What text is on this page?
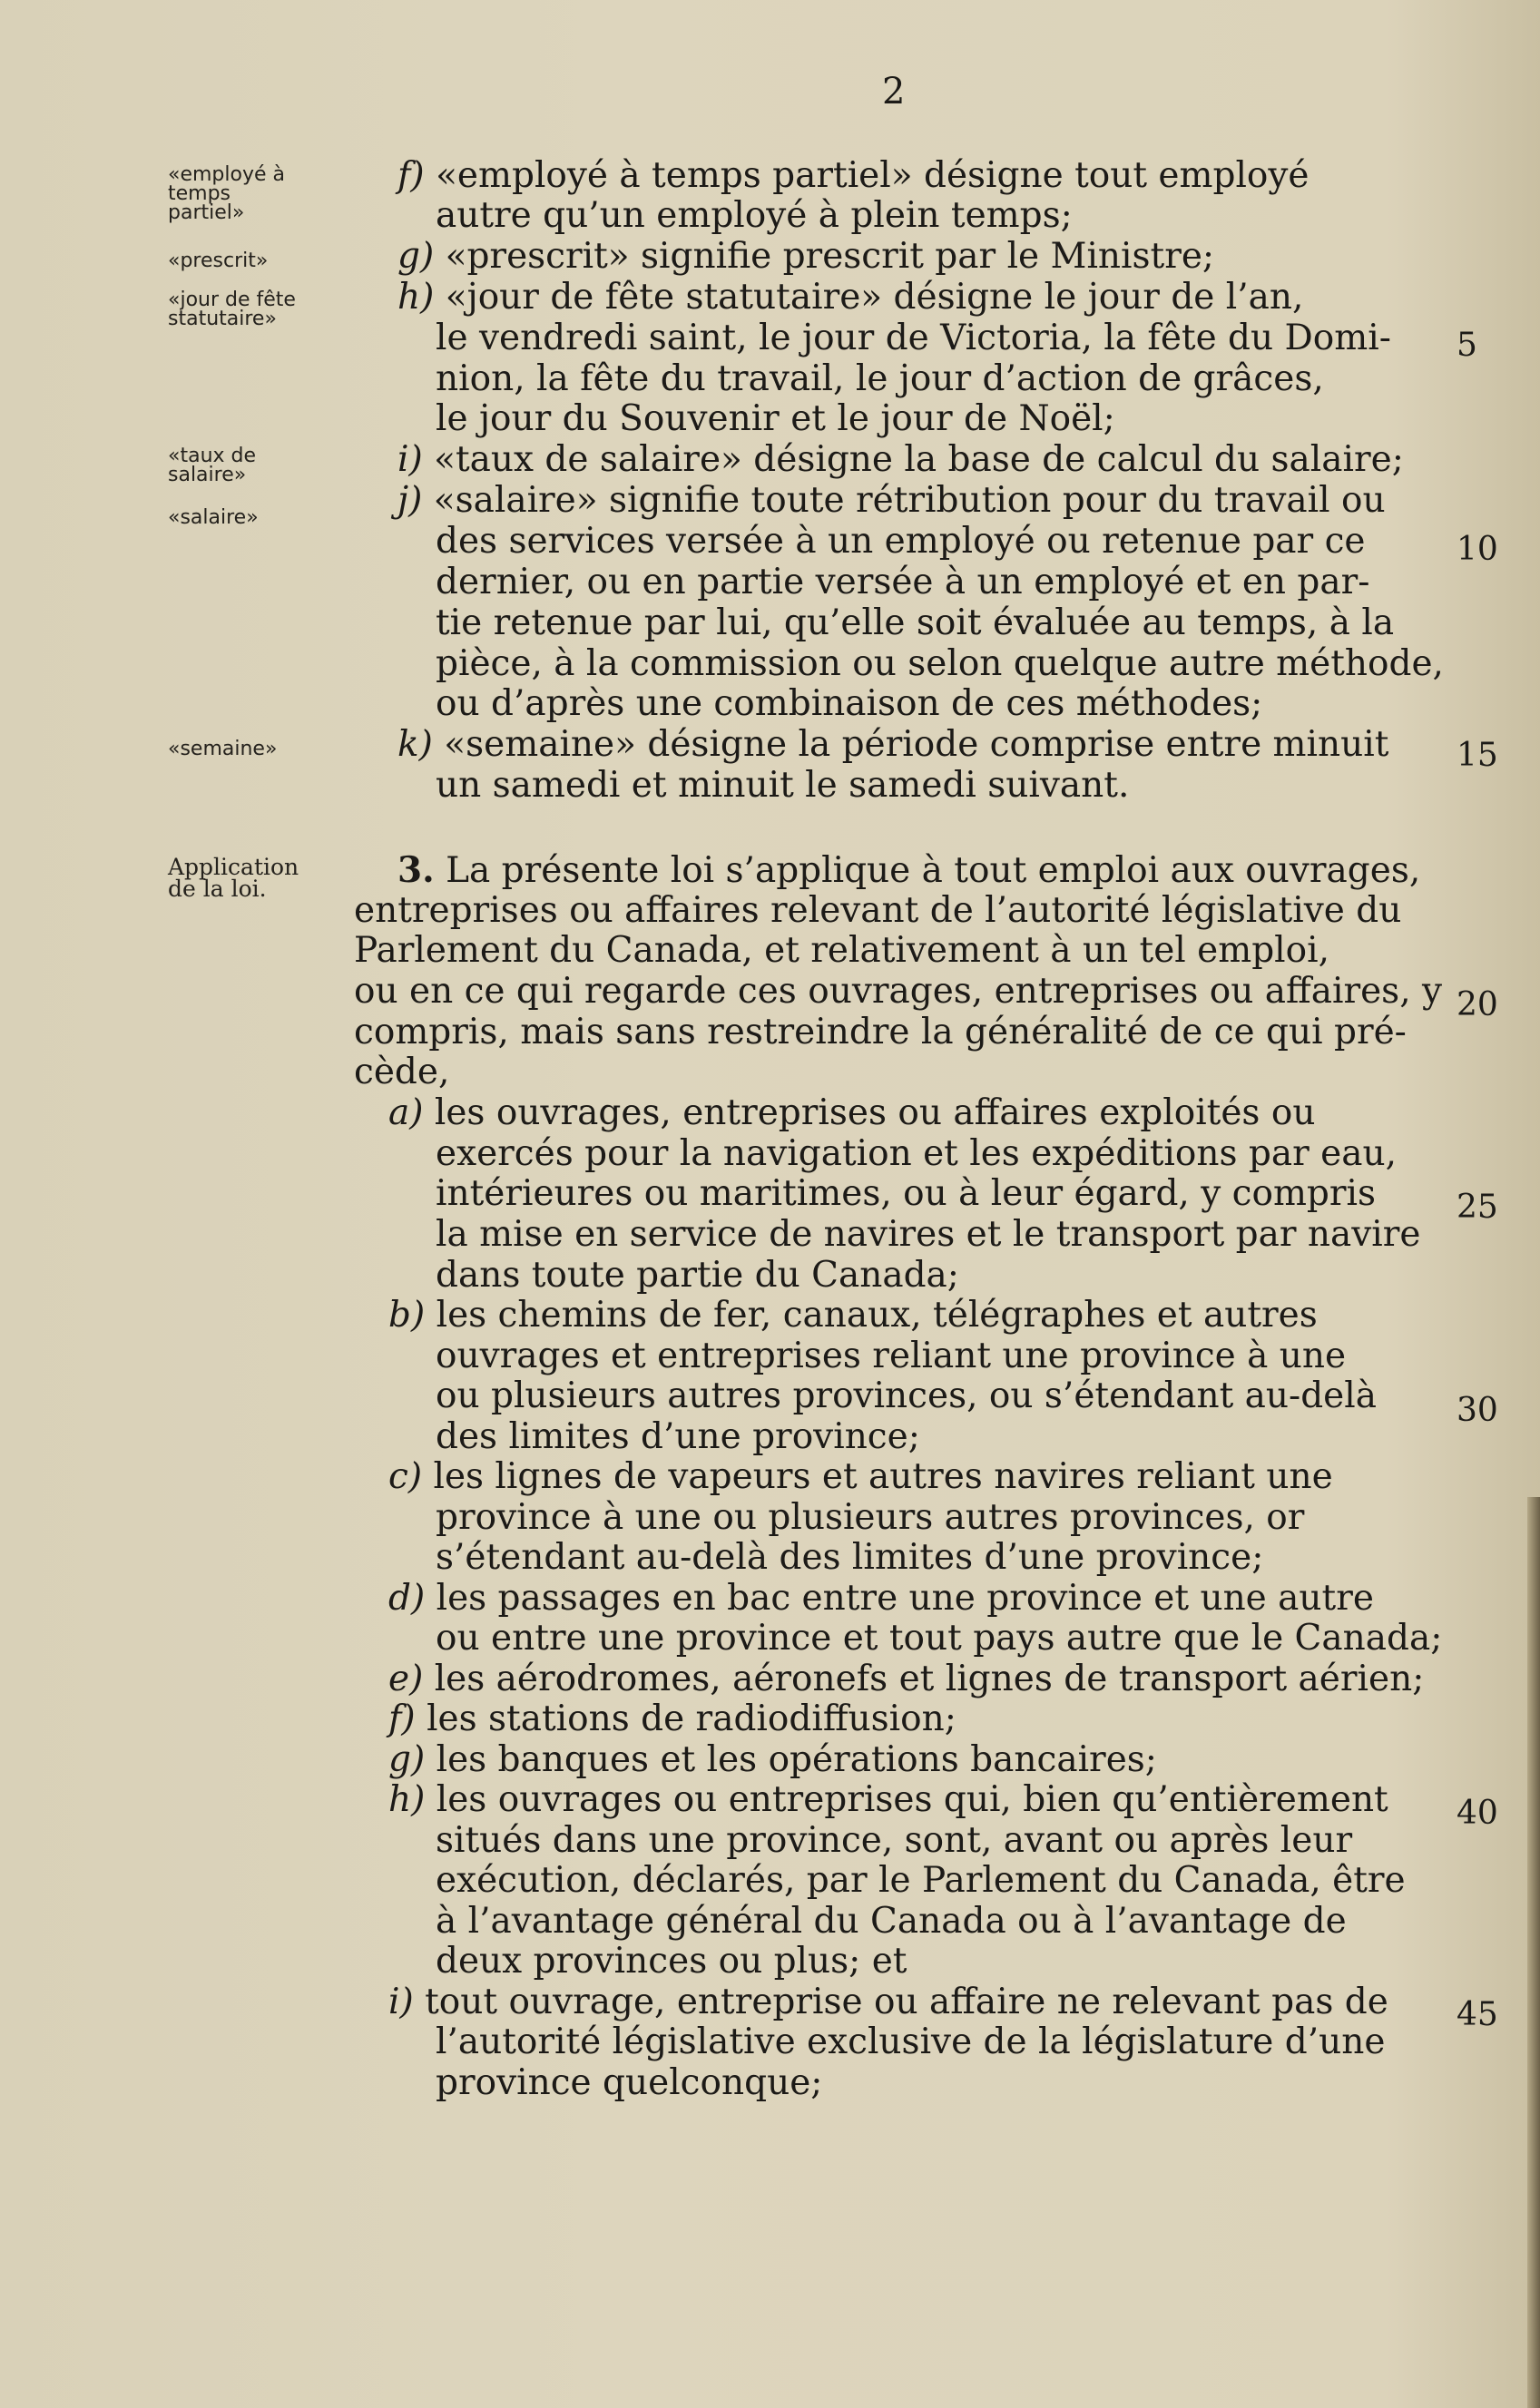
2
«employé à
temps
partiel»
«prescrit»
«jour de fête
statutaire»
«taux de
salaire»
«salaire»
«semaine»
Application
de la loi.
f) «employé à temps partiel» désigne tout employé
autre qu’un employé à plein temps;
g) «prescrit» signifie prescrit par le Ministre;
h) «jour de fête statutaire» désigne le jour de l’an,
le vendredi saint, le jour de Victoria, la fête du Domi-
nion, la fête du travail, le jour d’action de grâces,
le jour du Souvenir et le jour de Noël;
i) «taux de salaire» désigne la base de calcul du salaire;
j) «salaire» signifie toute rétribution pour du travail ou
des services versée à un employé ou retenue par ce
dernier, ou en partie versée à un employé et en par-
tie retenue par lui, qu’elle soit évaluée au temps, à la
pièce, à la commission ou selon quelque autre méthode,
ou d’après une combinaison de ces méthodes;
k) «semaine» désigne la période comprise entre minuit
un samedi et minuit le samedi suivant.
3. La présente loi s’applique à tout emploi aux ouvrages,
entreprises ou affaires relevant de l’autorité législative du
Parlement du Canada, et relativement à un tel emploi,
ou en ce qui regarde ces ouvrages, entreprises ou affaires, y
compris, mais sans restreindre la généralité de ce qui pré-
cède,
a) les ouvrages, entreprises ou affaires exploités ou
exercés pour la navigation et les expéditions par eau,
intérieures ou maritimes, ou à leur égard, y compris
la mise en service de navires et le transport par navire
dans toute partie du Canada;
b) les chemins de fer, canaux, télégraphes et autres
ouvrages et entreprises reliant une province à une
ou plusieurs autres provinces, ou s’étendant au-delà
des limites d’une province;
c) les lignes de vapeurs et autres navires reliant une
province à une ou plusieurs autres provinces, or
s’étendant au-delà des limites d’une province;
d) les passages en bac entre une province et une autre
ou entre une province et tout pays autre que le Canada;
e) les aérodromes, aéronefs et lignes de transport aérien;
f) les stations de radiodiffusion;
g) les banques et les opérations bancaires;
h) les ouvrages ou entreprises qui, bien qu’entièrement
situés dans une province, sont, avant ou après leur
exécution, déclarés, par le Parlement du Canada, être
à l’avantage général du Canada ou à l’avantage de
deux provinces ou plus; et
i) tout ouvrage, entreprise ou affaire ne relevant pas de
l’autorité législative exclusive de la législature d’une
province quelconque;
5
10
15
20
25
30
40
45
